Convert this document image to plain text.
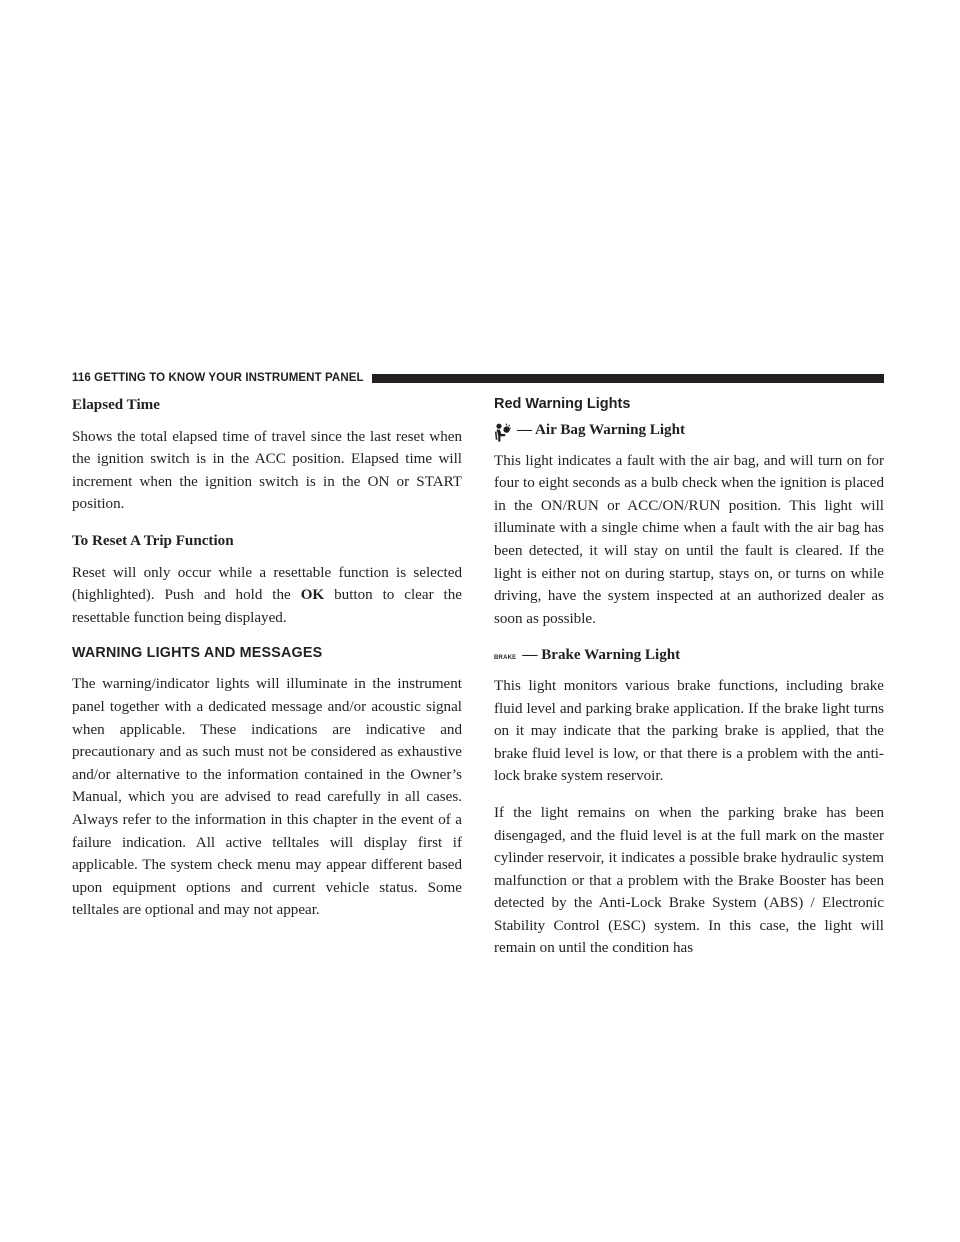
116 GETTING TO KNOW YOUR INSTRUMENT PANEL

Elapsed Time

Shows the total elapsed time of travel since the last reset when the ignition switch is in the ACC position. Elapsed time will increment when the ignition switch is in the ON or START position.

To Reset A Trip Function

Reset will only occur while a resettable function is selected (highlighted). Push and hold the OK button to clear the resettable function being displayed.

WARNING LIGHTS AND MESSAGES

The warning/indicator lights will illuminate in the instrument panel together with a dedicated message and/or acoustic signal when applicable. These indications are indicative and precautionary and as such must not be considered as exhaustive and/or alternative to the information contained in the Owner’s Manual, which you are advised to read carefully in all cases. Always refer to the information in this chapter in the event of a failure indication. All active telltales will display first if applicable. The system check menu may appear different based upon equipment options and current vehicle status. Some telltales are optional and may not appear.

Red Warning Lights

— Air Bag Warning Light

This light indicates a fault with the air bag, and will turn on for four to eight seconds as a bulb check when the ignition is placed in the ON/RUN or ACC/ON/RUN position. This light will illuminate with a single chime when a fault with the air bag has been detected, it will stay on until the fault is cleared. If the light is either not on during startup, stays on, or turns on while driving, have the system inspected at an authorized dealer as soon as possible.

BRAKE — Brake Warning Light

This light monitors various brake functions, including brake fluid level and parking brake application. If the brake light turns on it may indicate that the parking brake is applied, that the brake fluid level is low, or that there is a problem with the anti-lock brake system reservoir.

If the light remains on when the parking brake has been disengaged, and the fluid level is at the full mark on the master cylinder reservoir, it indicates a possible brake hydraulic system malfunction or that a problem with the Brake Booster has been detected by the Anti-Lock Brake System (ABS) / Electronic Stability Control (ESC) system. In this case, the light will remain on until the condition has
